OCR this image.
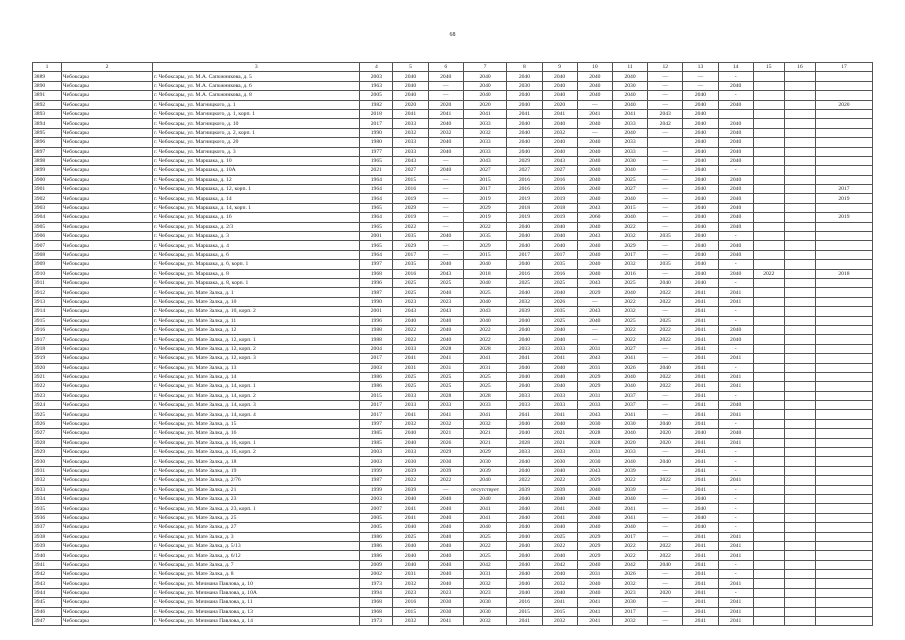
68
1	2	3	4	5	6	7	8	9	10	11	12	13	14	15	16	17
3889	Чебоксары	г. Чебоксары, ул. М.А. Сапожникова, д. 5	2003	2040	2040	2040	2040	2040	2040	2040	—	—	-			
3890	Чебоксары	г. Чебоксары, ул. М.А. Сапожникова, д. 6	1963	2040	—	2040	2030	2040	2040	2030	—	—	2040			
3891	Чебоксары	г. Чебоксары, ул. М.А. Сапожникова, д. 8	2005	2040	—	2040	2040	2040	2040	2040	—	2040	-			
3892	Чебоксары	г. Чебоксары, ул. Магницкого, д. 1	1982	2020	2020	2020	2040	2020	—	2040	—	2040	2040			2020
3893	Чебоксары	г. Чебоксары, ул. Магницкого, д. 1, корп. 1	2018	2041	2041	2041	2041	2041	2041	2041	2043	2040				
3894	Чебоксары	г. Чебоксары, ул. Магницкого, д. 10	2017	2033	2040	2033	2040	2040	2040	2033	2042	2040	2040			
3895	Чебоксары	г. Чебоксары, ул. Магницкого, д. 2, корп. 1	1990	2032	2032	2032	2040	2032	—	2040	—	2040	2040			
3896	Чебоксары	г. Чебоксары, ул. Магницкого, д. 20	1980	2033	2040	2033	2040	2040	2040	2033		2040	2040			
3897	Чебоксары	г. Чебоксары, ул. Магницкого, д. 3	1977	2033	2040	2033	2040	2040	2040	2033	—	2040	2040			
3898	Чебоксары	г. Чебоксары, ул. Маршака, д. 10	1965	2043	—	2043	2029	2043	2040	2030	—	2040	2040			
3899	Чебоксары	г. Чебоксары, ул. Маршака, д. 10А	2021	2027	2040	2027	2027	2027	2040	2040	—	2040	-			
3900	Чебоксары	г. Чебоксары, ул. Маршака, д. 12	1964	2015	—	2015	2016	2016	2040	2025	—	2040	2040			
3901	Чебоксары	г. Чебоксары, ул. Маршака, д. 12, корп. 1	1964	2016	—	2017	2016	2016	2040	2027	—	2040	2040			2017
3902	Чебоксары	г. Чебоксары, ул. Маршака, д. 14	1964	2019	—	2019	2019	2019	2040	2040	—	2040	2040			2019
3903	Чебоксары	г. Чебоксары, ул. Маршака, д. 14, корп. 1	1965	2029	—	2029	2018	2018	2043	2015	—	2040	2040			
3904	Чебоксары	г. Чебоксары, ул. Маршака, д. 16	1964	2019	—	2019	2019	2019	2060	2040	—	2040	2040			2019
3905	Чебоксары	г. Чебоксары, ул. Маршака, д. 2/3	1965	2022	—	2022	2040	2040	2040	2022	—	2040	2040			
3906	Чебоксары	г. Чебоксары, ул. Маршака, д. 3	2001	2035	2040	2035	2040	2040	2043	2032	2035	2040	-			
3907	Чебоксары	г. Чебоксары, ул. Маршака, д. 4	1965	2029	—	2029	2040	2040	2040	2029	—	2040	2040			
3908	Чебоксары	г. Чебоксары, ул. Маршака, д. 6	1964	2017	—	2015	2017	2017	2040	2017	—	2040	2040			
3909	Чебоксары	г. Чебоксары, ул. Маршака, д. 6, корп. 1	1997	2035	2040	2040	2040	2035	2040	2032	2035	2040	-			
3910	Чебоксары	г. Чебоксары, ул. Маршака, д. 8	1968	2016	2043	2018	2016	2016	2040	2016	—	2040	2040	2022		2018
3911	Чебоксары	г. Чебоксары, ул. Маршака, д. 8, корп. 1	1996	2025	2025	2040	2025	2025	2043	2025	2040	2040	-			
3912	Чебоксары	г. Чебоксары, ул. Мате Залка, д. 1	1987	2025	2040	2025	2040	2040	2029	2040	2022	2041	2041			
3913	Чебоксары	г. Чебоксары, ул. Мате Залка, д. 10	1990	2023	2023	2040	2032	2026	—	2022	2022	2041	2041			
3914	Чебоксары	г. Чебоксары, ул. Мате Залка, д. 10, корп. 2	2001	2043	2043	2043	2039	2035	2043	2032	—	2041	-			
3915	Чебоксары	г. Чебоксары, ул. Мате Залка, д. 11	1996	2040	2040	2040	2040	2025	2040	2025	2025	2041	-			
3916	Чебоксары	г. Чебоксары, ул. Мате Залка, д. 12	1988	2022	2040	2022	2040	2040	—	2022	2022	2041	2040			
3917	Чебоксары	г. Чебоксары, ул. Мате Залка, д. 12, корп. 1	1988	2022	2040	2022	2040	2040	—	2022	2022	2041	2040			
3918	Чебоксары	г. Чебоксары, ул. Мате Залка, д. 12, корп. 2	2004	2033	2028	2028	2033	2033	2031	2027	—	2041	-			
3919	Чебоксары	г. Чебоксары, ул. Мате Залка, д. 12, корп. 3	2017	2041	2041	2041	2041	2041	2043	2041	—	2041	2041			
3920	Чебоксары	г. Чебоксары, ул. Мате Залка, д. 13	2003	2031	2031	2031	2040	2040	2031	2026	2040	2041	-			
3921	Чебоксары	г. Чебоксары, ул. Мате Залка, д. 14	1986	2025	2025	2025	2040	2040	2029	2040	2022	2041	2041			
3922	Чебоксары	г. Чебоксары, ул. Мате Залка, д. 14, корп. 1	1986	2025	2025	2025	2040	2040	2029	2040	2022	2041	2041			
3923	Чебоксары	г. Чебоксары, ул. Мате Залка, д. 14, корп. 2	2015	2033	2028	2028	2033	2033	2031	2037	—	2041	-			
3924	Чебоксары	г. Чебоксары, ул. Мате Залка, д. 14, корп. 3	2017	2033	2033	2033	2033	2033	2033	2037	—	2041	2040			
3925	Чебоксары	г. Чебоксары, ул. Мате Залка, д. 14, корп. 4	2017	2041	2041	2041	2041	2041	2043	2041	—	2041	2041			
3926	Чебоксары	г. Чебоксары, ул. Мате Залка, д. 15	1997	2032	2032	2032	2040	2040	2030	2030	2040	2041	-			
3927	Чебоксары	г. Чебоксары, ул. Мате Залка, д. 16	1985	2040	2021	2021	2040	2021	2028	2040	2020	2040	2040			
3928	Чебоксары	г. Чебоксары, ул. Мате Залка, д. 16, корп. 1	1985	2040	2026	2021	2028	2021	2028	2020	2020	2041	2041			
3929	Чебоксары	г. Чебоксары, ул. Мате Залка, д. 16, корп. 2	2003	2033	2029	2029	2033	2033	2031	2033	—	2041	-			
3930	Чебоксары	г. Чебоксары, ул. Мате Залка, д. 18	2003	2030	2030	2030	2040	2030	2030	2040	2040	2041	-			
3931	Чебоксары	г. Чебоксары, ул. Мате Залка, д. 19	1999	2039	2039	2039	2040	2040	2043	2039	—	2041	-			
3932	Чебоксары	г. Чебоксары, ул. Мате Залка, д. 2/76	1987	2022	2022	2040	2022	2022	2029	2022	2022	2041	2041			
3933	Чебоксары	г. Чебоксары, ул. Мате Залка, д. 21	1999	2039	—	отсутствует	2039	2039	2040	2039	—	2041	-			
3934	Чебоксары	г. Чебоксары, ул. Мате Залка, д. 23	2003	2040	2040	2040	2040	2040	2040	2040	—	2040	-			
3935	Чебоксары	г. Чебоксары, ул. Мате Залка, д. 23, корп. 1	2007	2041	2040	2041	2040	2041	2040	2041	—	2040	-			
3936	Чебоксары	г. Чебоксары, ул. Мате Залка, д. 25	2005	2041	2040	2041	2040	2041	2040	2041	—	2040	-			
3937	Чебоксары	г. Чебоксары, ул. Мате Залка, д. 27	2005	2040	2040	2040	2040	2040	2040	2040	—	2040	-			
3938	Чебоксары	г. Чебоксары, ул. Мате Залка, д. 3	1986	2025	2040	2025	2040	2025	2029	2017	—	2041	2041			
3939	Чебоксары	г. Чебоксары, ул. Мате Залка, д. 5/13	1986	2040	2040	2022	2040	2022	2029	2022	2022	2041	2041			
3940	Чебоксары	г. Чебоксары, ул. Мате Залка, д. 6/12	1986	2040	2040	2025	2040	2040	2029	2022	2022	2041	2041			
3941	Чебоксары	г. Чебоксары, ул. Мате Залка, д. 7	2009	2040	2040	2042	2040	2042	2040	2042	2040	2041	-			
3942	Чебоксары	г. Чебоксары, ул. Мате Залка, д. 8	2002	2031	2040	2031	2040	2040	2031	2026	—	2041	-			
3943	Чебоксары	г. Чебоксары, ул. Мичмана Павлова, д. 10	1973	2032	2040	2032	2040	2032	2040	2032	—	2041	2041			
3944	Чебоксары	г. Чебоксары, ул. Мичмана Павлова, д. 10А	1994	2023	2023	2023	2040	2040	2040	2023	2020	2041	-			
3945	Чебоксары	г. Чебоксары, ул. Мичмана Павлова, д. 11	1968	2016	2030	2030	2016	2041	2041	2030	—	2041	2041			
3946	Чебоксары	г. Чебоксары, ул. Мичмана Павлова, д. 13	1968	2015	2030	2030	2015	2015	2041	2017	—	2041	2041			
3947	Чебоксары	г. Чебоксары, ул. Мичмана Павлова, д. 14	1973	2032	2041	2032	2041	2032	2041	2032	—	2041	2041			
